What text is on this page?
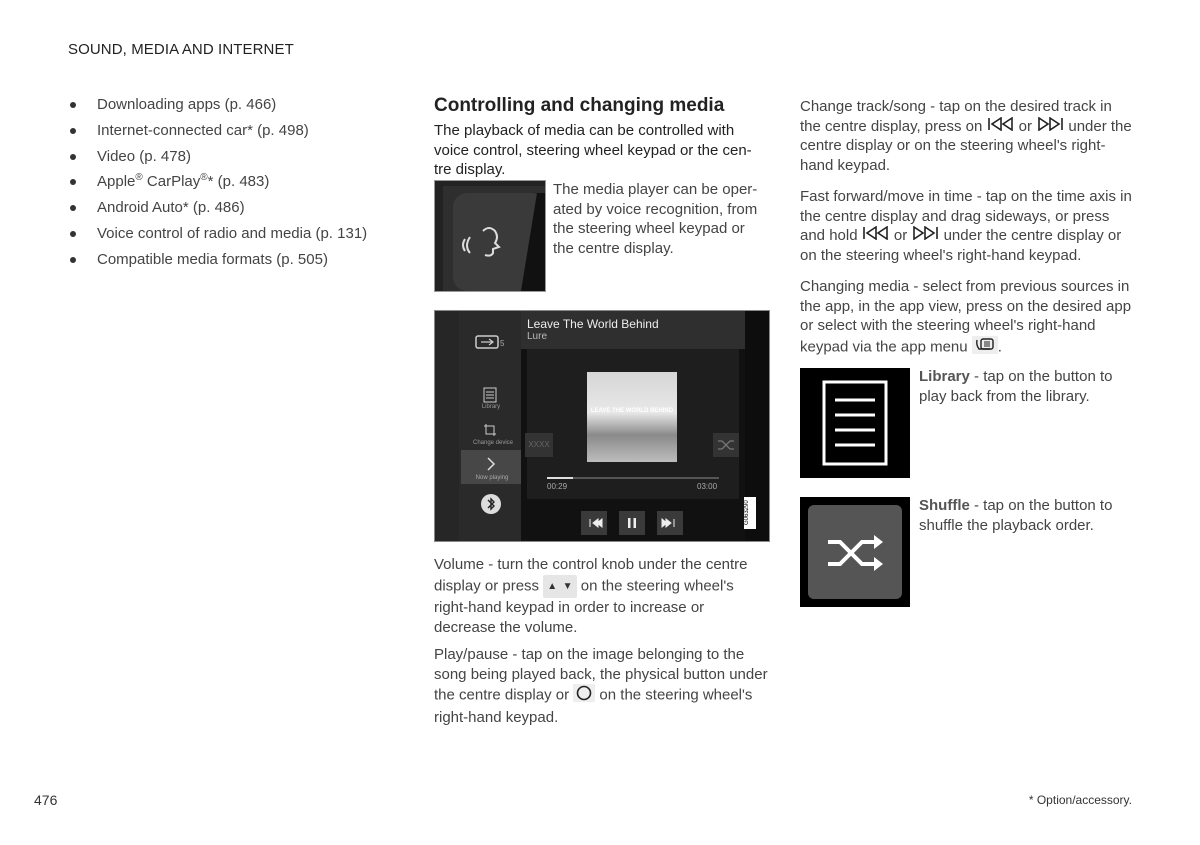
SOUND, MEDIA AND INTERNET
Downloading apps (p. 466)
Internet-connected car* (p. 498)
Video (p. 478)
Apple® CarPlay®* (p. 483)
Android Auto* (p. 486)
Voice control of radio and media (p. 131)
Compatible media formats (p. 505)
Controlling and changing media
The playback of media can be controlled with voice control, steering wheel keypad or the cen-tre display.
The media player can be oper-ated by voice recognition, from the steering wheel keypad or the centre display.
5
Library
Change device
Now playing
Leave The World Behind
Lure
LEAVE THE WORLD BEHIND
XXXX
00:29	03:00
G063290
Volume - turn the control knob under the centre display or press ▲  ▼ on the steering wheel's right-hand keypad in order to increase or decrease the volume.
Play/pause - tap on the image belonging to the song being played back, the physical button under the centre display or on the steering wheel's right-hand keypad.
Change track/song - tap on the desired track in the centre display, press on or under the centre display or on the steering wheel's right-hand keypad.
Fast forward/move in time - tap on the time axis in the centre display and drag sideways, or press and hold or under the centre display or on the steering wheel's right-hand keypad.
Changing media - select from previous sources in the app, in the app view, press on the desired app or select with the steering wheel's right-hand keypad via the app menu .
Library - tap on the button to play back from the library.
Shuffle - tap on the button to shuffle the playback order.
476	* Option/accessory.
